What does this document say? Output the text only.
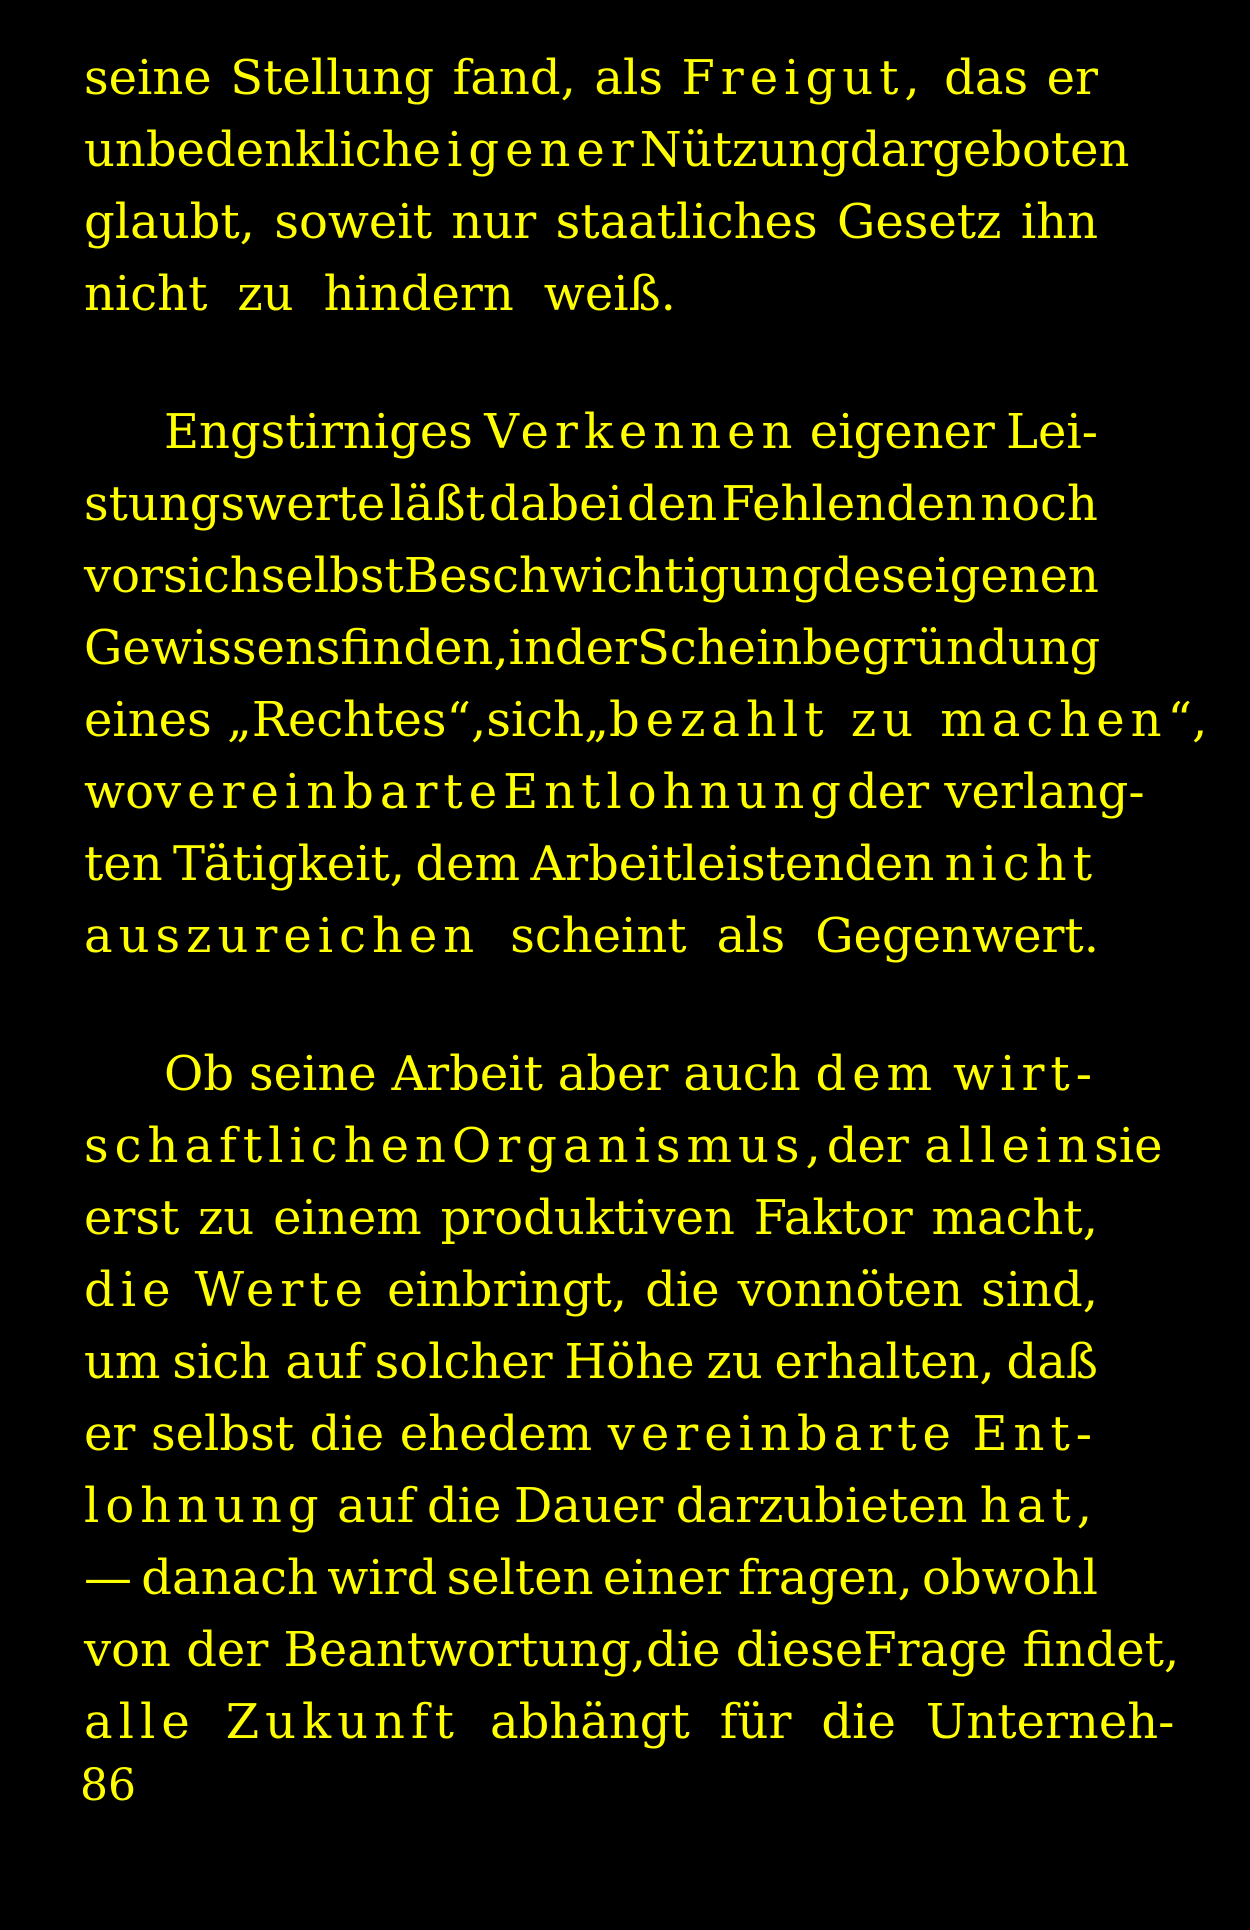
seine Stellung fand, als Freigut, das er
unbedenklich eigener Nützung dargeboten
glaubt, soweit nur staatliches Gesetz ihn
nicht zu hindern weiß.
Engstirniges Verkennen eigener Lei-
stungswerte läßt dabei den Fehlenden noch
vor sich selbst Beschwichtigung des eigenen
Gewissens finden, in der Scheinbegründung
eines „Rechtes“, sich „bezahlt zu machen“,
wo vereinbarte Entlohnung der verlang-
ten Tätigkeit, dem Arbeitleistenden nicht
auszureichen scheint als Gegenwert.
Ob seine Arbeit aber auch dem wirt-
schaftlichen Organismus, der allein sie
erst zu einem produktiven Faktor macht,
die Werte einbringt, die vonnöten sind,
um sich auf solcher Höhe zu erhalten, daß
er selbst die ehedem vereinbarte Ent-
lohnung auf die Dauer darzubieten hat,
— danach wird selten einer fragen, obwohl
von der Beantwortung, die diese Frage findet,
alle Zukunft abhängt für die Unterneh-
86
